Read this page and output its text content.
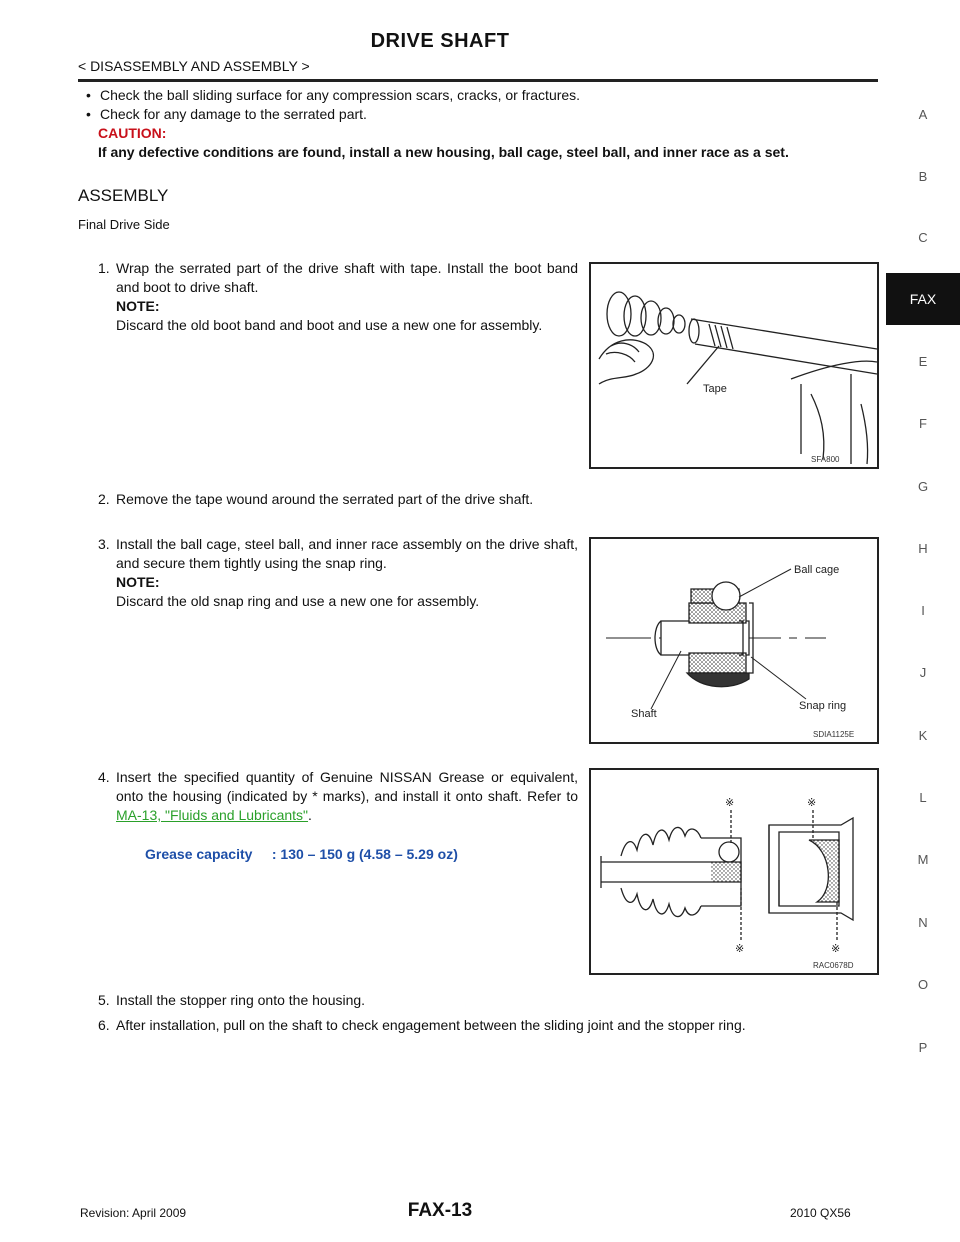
DRIVE SHAFT
< DISASSEMBLY AND ASSEMBLY >
• Check the ball sliding surface for any compression scars, cracks, or fractures.
• Check for any damage to the serrated part.
CAUTION:
If any defective conditions are found, install a new housing, ball cage, steel ball, and inner race as a set.
ASSEMBLY
Final Drive Side
1. Wrap the serrated part of the drive shaft with tape. Install the boot band and boot to drive shaft.
NOTE:
Discard the old boot band and boot and use a new one for assembly.
Tape
SFA800
2. Remove the tape wound around the serrated part of the drive shaft.
3. Install the ball cage, steel ball, and inner race assembly on the drive shaft, and secure them tightly using the snap ring.
NOTE:
Discard the old snap ring and use a new one for assembly.
Ball cage
Snap ring
Shaft
SDIA1125E
4. Insert the specified quantity of Genuine NISSAN Grease or equivalent, onto the housing (indicated by * marks), and install it onto shaft. Refer to MA-13, "Fluids and Lubricants".
Grease capacity : 130 – 150 g (4.58 – 5.29 oz)
※	※
※	※
RAC0678D
5. Install the stopper ring onto the housing.
6. After installation, pull on the shaft to check engagement between the sliding joint and the stopper ring.
A
B
C
FAX
E
F
G
H
I
J
K
L
M
N
O
P
Revision: April 2009	FAX-13	2010 QX56
